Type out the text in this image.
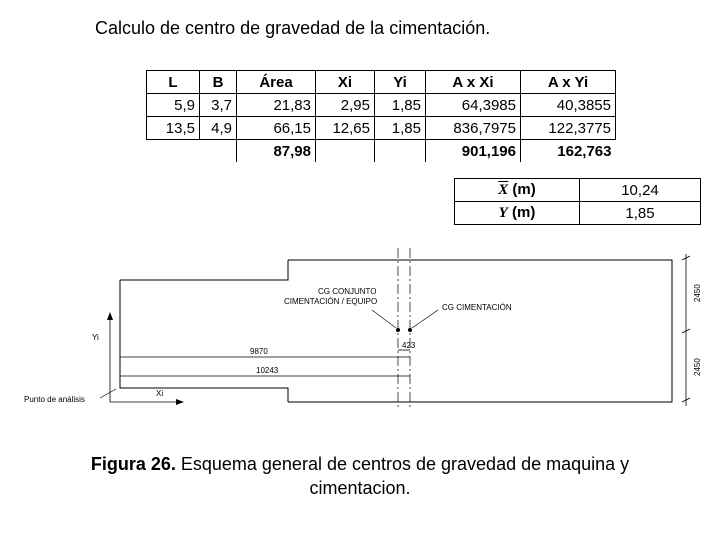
Calculo de centro de gravedad de la cimentación.
L	B	Área	Xi	Yi	A x Xi	A x Yi
5,9	3,7	21,83	2,95	1,85	64,3985	40,3855
13,5	4,9	66,15	12,65	1,85	836,7975	122,3775
		87,98			901,196	162,763
$\overline{X}$ (m)	10,24
Y (m)	1,85
2450
2450
9870
10243
423
CG CONJUNTO
CIMENTACIÓN / EQUIPO
CG CIMENTACIÓN
Yi
Xi
Punto de análisis
Figura 26. Esquema general de centros de gravedad de maquina y
cimentacion.
